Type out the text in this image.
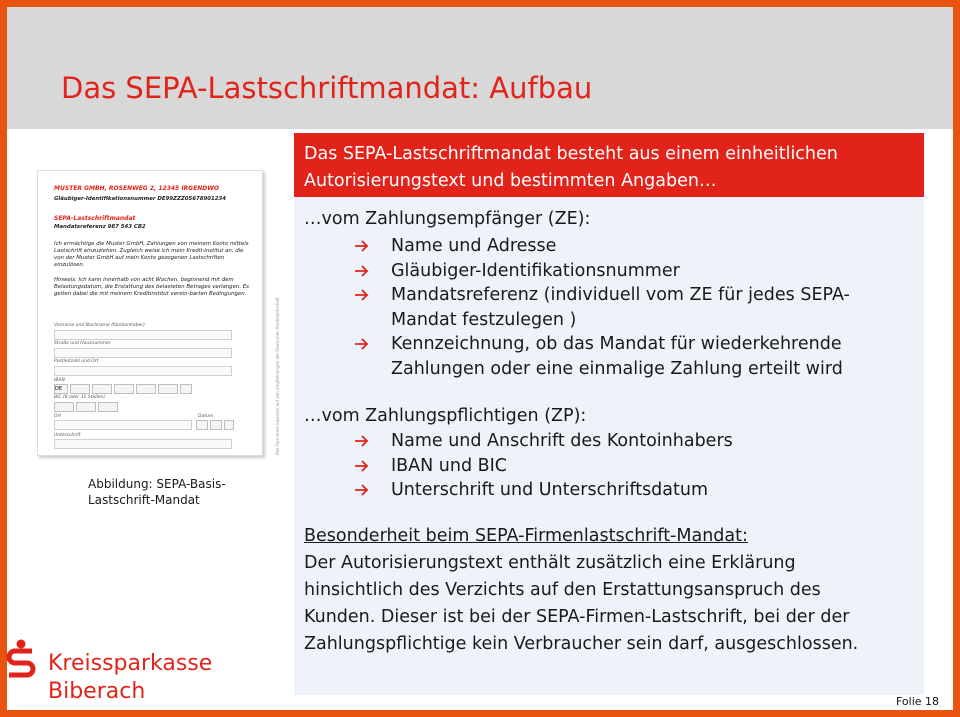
Das SEPA-Lastschriftmandat: Aufbau
MUSTER GMBH, ROSENWEG 2, 12345 IRGENDWO
Gläubiger-Identifikationsnummer DE99ZZZ05678901234
SEPA-Lastschriftmandat
Mandatsreferenz 987 543 CB2
Ich ermächtige die Muster GmbH, Zahlungen von meinem Konto mittels Lastschrift einzuziehen. Zugleich weise ich mein Kredit-institut an, die von der Muster GmbH auf mein Konto gezogenen Lastschriften einzulösen.
Hinweis: Ich kann innerhalb von acht Wochen, beginnend mit dem Belastungsdatum, die Erstattung des belasteten Betrages verlangen. Es gelten dabei die mit meinem Kreditinstitut verein-barten Bedingungen.
Vorname und Nachname (Kontoinhaber)
Straße und Hausnummer
Postleitzahl und Ort
IBAN
DE
BIC (8 oder 11 Stellen)
Ort	Datum
Unterschrift	Alle Formulare basieren auf den Empfehlungen der Deutschen Kreditwirtschaft
Abbildung: SEPA-Basis-
Lastschrift-Mandat
Das SEPA-Lastschriftmandat besteht aus einem einheitlichen
Autorisierungstext und bestimmten Angaben…
…vom Zahlungsempfänger (ZE):
Name und Adresse
Gläubiger-Identifikationsnummer
Mandatsreferenz (individuell vom ZE für jedes SEPA-
Mandat festzulegen )
Kennzeichnung, ob das Mandat für wiederkehrende
Zahlungen oder eine einmalige Zahlung erteilt wird
…vom Zahlungspflichtigen (ZP):
Name und Anschrift des Kontoinhabers
IBAN und BIC
Unterschrift und Unterschriftsdatum
Besonderheit beim SEPA-Firmenlastschrift-Mandat:
Der Autorisierungstext enthält zusätzlich eine Erklärung
hinsichtlich des Verzichts auf den Erstattungsanspruch des
Kunden. Dieser ist bei der SEPA-Firmen-Lastschrift, bei der der
Zahlungspflichtige kein Verbraucher sein darf, ausgeschlossen.
Kreissparkasse
Biberach	Folie 18
